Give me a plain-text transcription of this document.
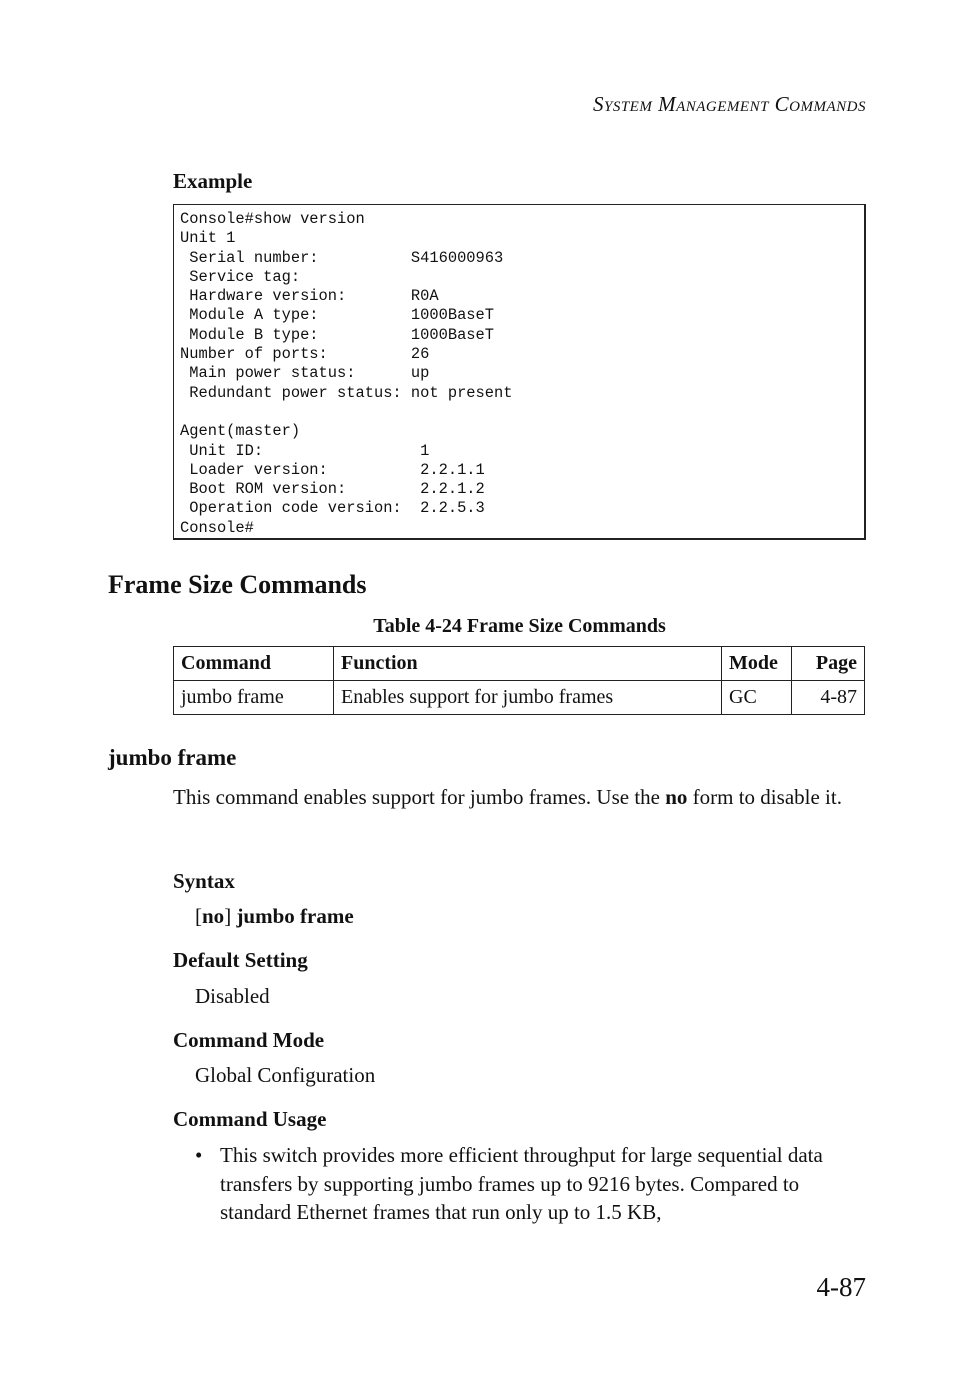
System Management Commands
Example
Console#show version
Unit 1
Serial number:          S416000963
Service tag:
Hardware version:       R0A
Module A type:          1000BaseT
Module B type:          1000BaseT
Number of ports:         26
Main power status:      up
Redundant power status: not present

Agent(master)
Unit ID:                 1
Loader version:          2.2.1.1
Boot ROM version:        2.2.1.2
Operation code version:  2.2.5.3
Console#
Frame Size Commands
Table 4-24 Frame Size Commands
Command	Function	Mode	Page
jumbo frame	Enables support for jumbo frames	GC	4-87
jumbo frame
This command enables support for jumbo frames. Use the no form to disable it.
Syntax
[no] jumbo frame
Default Setting
Disabled
Command Mode
Global Configuration
Command Usage
• This switch provides more efficient throughput for large sequential data transfers by supporting jumbo frames up to 9216 bytes. Compared to standard Ethernet frames that run only up to 1.5 KB,
4-87
